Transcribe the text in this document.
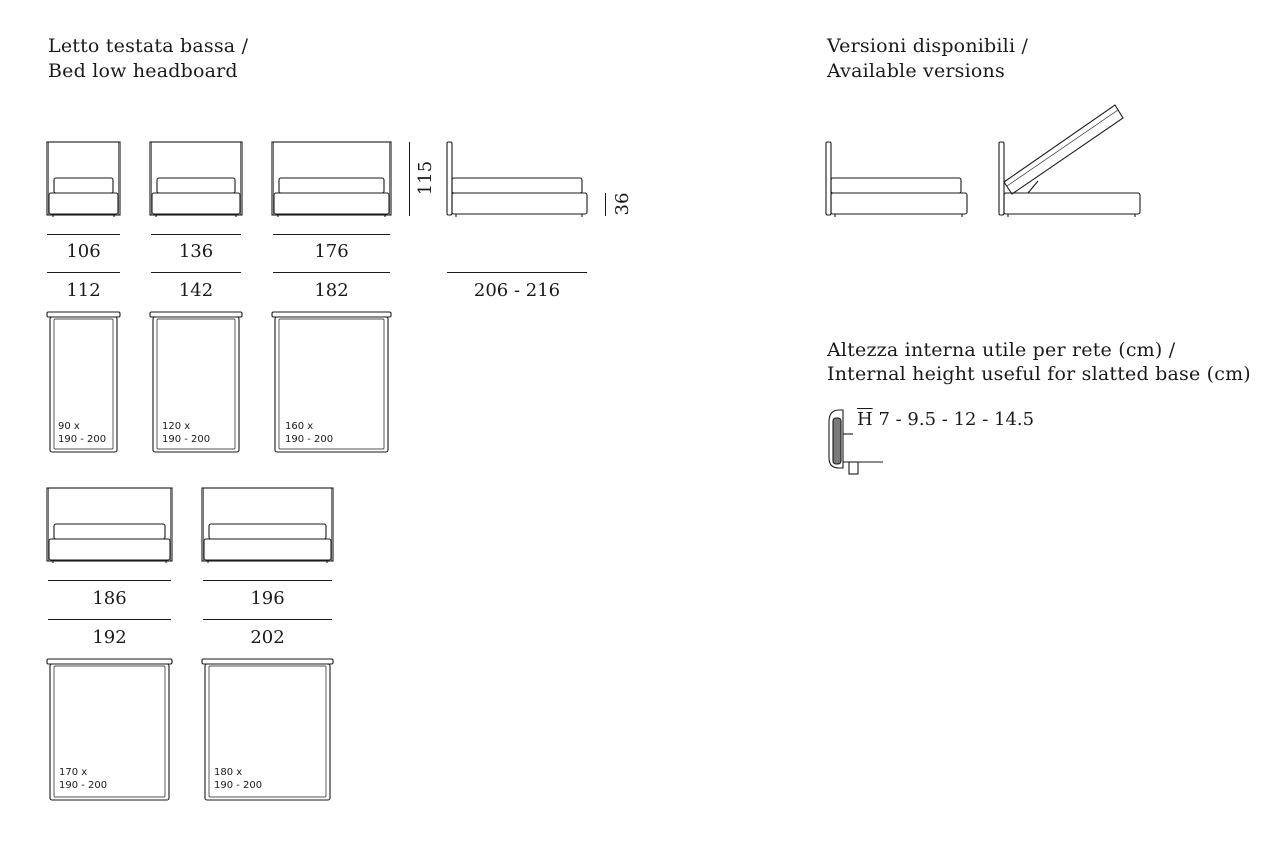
Letto testata bassa /
Bed low headboard
Versioni disponibili /
Available versions
106
112
90 x
190 - 200
136
142
120 x
190 - 200
176
182
160 x
190 - 200
115
36
206 - 216
186
192
170 x
190 - 200
196
202
180 x
190 - 200
Altezza interna utile per rete (cm) /
Internal height useful for slatted base (cm)
$\overline{H}$ 7 - 9.5 - 12 - 14.5
